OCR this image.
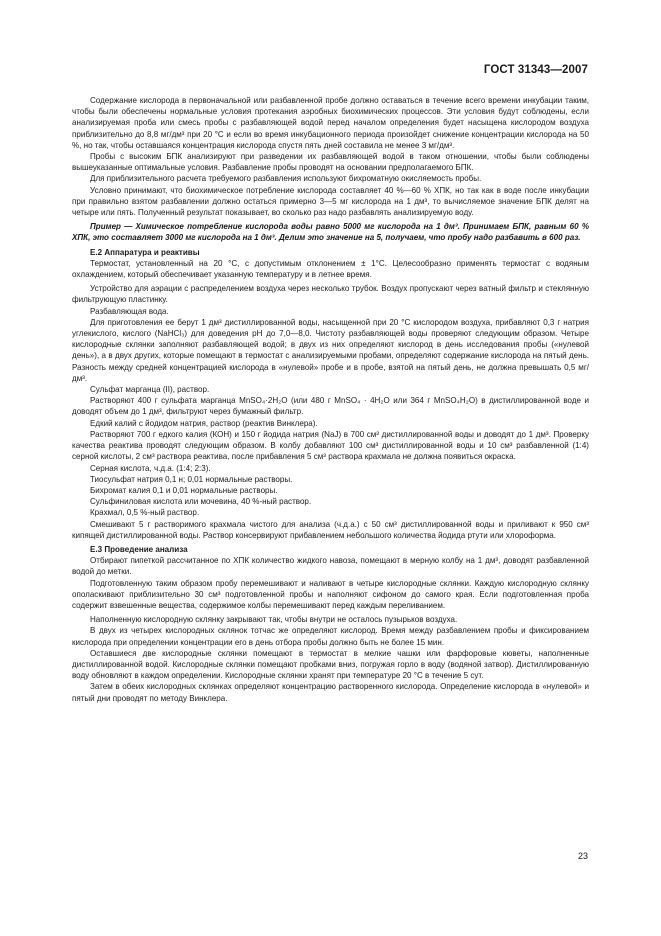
ГОСТ 31343—2007

Содержание кислорода в первоначальной или разбавленной пробе должно оставаться в течение всего времени инкубации таким, чтобы были обеспечены нормальные условия протекания аэробных биохимических процессов. Эти условия будут соблюдены, если анализируемая проба или смесь пробы с разбавляющей водой перед началом определения будет насыщена кислородом воздуха приблизительно до 8,8 мг/дм³ при 20 °С и если во время инкубационного периода произойдет снижение концентрации кислорода на 50 %, но так, чтобы оставшаяся концентрация кислорода спустя пять дней составила не менее 3 мг/дм³.

Пробы с высоким БПК анализируют при разведении их разбавляющей водой в таком отношении, чтобы были соблюдены вышеуказанные оптимальные условия. Разбавление пробы проводят на основании предполагаемого БПК.

Для приблизительного расчета требуемого разбавления используют бихроматную окисляемость пробы.

Условно принимают, что биохимическое потребление кислорода составляет 40 %—60 % ХПК, но так как в воде после инкубации при правильно взятом разбавлении должно остаться примерно 3—5 мг кислорода на 1 дм³, то вычисляемое значение БПК делят на четыре или пять. Полученный результат показывает, во сколько раз надо разбавлять анализируемую воду.

Пример — Химическое потребление кислорода воды равно 5000 мг кислорода на 1 дм³. Принимаем БПК, равным 60 % ХПК, это составляет 3000 мг кислорода на 1 дм³. Делим это значение на 5, получаем, что пробу надо разбавить в 600 раз.

Е.2 Аппаратура и реактивы

Термостат, установленный на 20 °С, с допустимым отклонением ± 1°С. Целесообразно применять термостат с водяным охлаждением, который обеспечивает указанную температуру и в летнее время.

Устройство для аэрации с распределением воздуха через несколько трубок. Воздух пропускают через ватный фильтр и стеклянную фильтрующую пластинку.

Разбавляющая вода.

Для приготовления ее берут 1 дм³ дистиллированной воды, насыщенной при 20 °С кислородом воздуха, прибавляют 0,3 г натрия углекислого, кислого (NaHCl₃) для доведения рН до 7,0—8,0. Чистоту разбавляющей воды проверяют следующим образом. Четыре кислородные склянки заполняют разбавляющей водой; в двух из них определяют кислород в день исследования пробы («нулевой день»), а в двух других, которые помещают в термостат с анализируемыми пробами, определяют содержание кислорода на пятый день. Разность между средней концентрацией кислорода в «нулевой» пробе и в пробе, взятой на пятый день, не должна превышать 0,5 мг/дм³.

Сульфат марганца (II), раствор.

Растворяют 400 г сульфата марганца MnSO₄·2H₂O (или 480 г MnSO₄ · 4H₂O или 364 г MnSO₄H₂O) в дистиллированной воде и доводят объем до 1 дм³, фильтруют через бумажный фильтр.

Едкий калий с йодидом натрия, раствор (реактив Винклера).

Растворяют 700 г едкого калия (КОН) и 150 г йодида натрия (NaJ) в 700 см³ дистиллированной воды и доводят до 1 дм³. Проверку качества реактива проводят следующим образом. В колбу добавляют 100 см³ дистиллированной воды и 10 см³ разбавленной (1:4) серной кислоты, 2 см³ раствора реактива, после прибавления 5 см³ раствора крахмала не должна появиться окраска.

Серная кислота, ч.д.а. (1:4; 2:3).

Тиосульфат натрия 0,1 н; 0,01 нормальные растворы.

Бихромат калия 0,1 и 0,01 нормальные растворы.

Сульфиниловая кислота или мочевина, 40 %-ный раствор.

Крахмал, 0,5 %-ный раствор.

Смешивают 5 г растворимого крахмала чистого для анализа (ч.д.а.) с 50 см³ дистиллированной воды и приливают к 950 см³ кипящей дистиллированной воды. Раствор консервируют прибавлением небольшого количества йодида ртути или хлороформа.

Е.3 Проведение анализа

Отбирают пипеткой рассчитанное по ХПК количество жидкого навоза, помещают в мерную колбу на 1 дм³, доводят разбавленной водой до метки.

Подготовленную таким образом пробу перемешивают и наливают в четыре кислородные склянки. Каждую кислородную склянку ополаскивают приблизительно 30 см³ подготовленной пробы и наполняют сифоном до самого края. Если подготовленная проба содержит взвешенные вещества, содержимое колбы перемешивают перед каждым переливанием.

Наполненную кислородную склянку закрывают так, чтобы внутри не осталось пузырьков воздуха.

В двух из четырех кислородных склянок тотчас же определяют кислород. Время между разбавлением пробы и фиксированием кислорода при определении концентрации его в день отбора пробы должно быть не более 15 мин.

Оставшиеся две кислородные склянки помещают в термостат в мелкие чашки или фарфоровые кюветы, наполненные дистиллированной водой. Кислородные склянки помещают пробками вниз, погружая горло в воду (водяной затвор). Дистиллированную воду обновляют в каждом определении. Кислородные склянки хранят при температуре 20 °С в течение 5 сут.

Затем в обеих кислородных склянках определяют концентрацию растворенного кислорода. Определение кислорода в «нулевой» и пятый дни проводят по методу Винклера.

23
